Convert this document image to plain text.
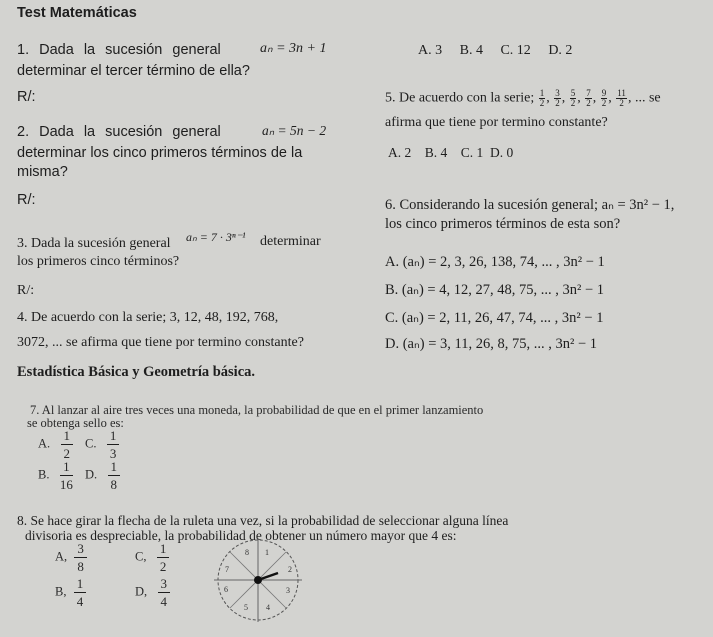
Test Matemáticas
1. Dada la sucesión general	aₙ = 3n + 1	A. 3 B. 4 C. 12 D. 2
determinar el tercer término de ella?
R/:	5. De acuerdo con la serie; $\frac{1}{2}$ , $\frac{3}{2}$ , $\frac{5}{2}$ , $\frac{7}{2}$ , $\frac{9}{2}$ , $\frac{11}{2}$ , ... se
afirma que tiene por termino constante?
A. 2 B. 4 C. 1 D. 0
2. Dada la sucesión general	aₙ = 5n − 2
determinar los cinco primeros términos de la
misma?
R/:	6. Considerando la sucesión general; aₙ = 3n² − 1,
los cinco primeros términos de esta son?
A. (aₙ) = 2, 3, 26, 138, 74, ... , 3n² − 1
B. (aₙ) = 4, 12, 27, 48, 75, ... , 3n² − 1
C. (aₙ) = 2, 11, 26, 47, 74, ... , 3n² − 1
D. (aₙ) = 3, 11, 26, 8, 75, ... , 3n² − 1
3. Dada la sucesión general aₙ = 7 · 3ⁿ⁻¹ determinar
los primeros cinco términos?
R/:
4. De acuerdo con la serie; 3, 12, 48, 192, 768,
3072, ... se afirma que tiene por termino constante?
Estadística Básica y Geometría básica.
7. Al lanzar al aire tres veces una moneda, la probabilidad de que en el primer lanzamiento
se obtenga sello es:
A. $\frac{1}{2} C$. $\frac{1}{3}$
B. $\frac{1}{16} D$. $\frac{1}{8}$
8. Se hace girar la flecha de la ruleta una vez, si la probabilidad de seleccionar alguna línea
divisoria es despreciable, la probabilidad de obtener un número mayor que 4 es:
A, $\frac{3}{8}$	C, $\frac{1}{2}$
B, $\frac{1}{4}$	D, $\frac{3}{4}$
1
2
3
4
5
6
7
8
